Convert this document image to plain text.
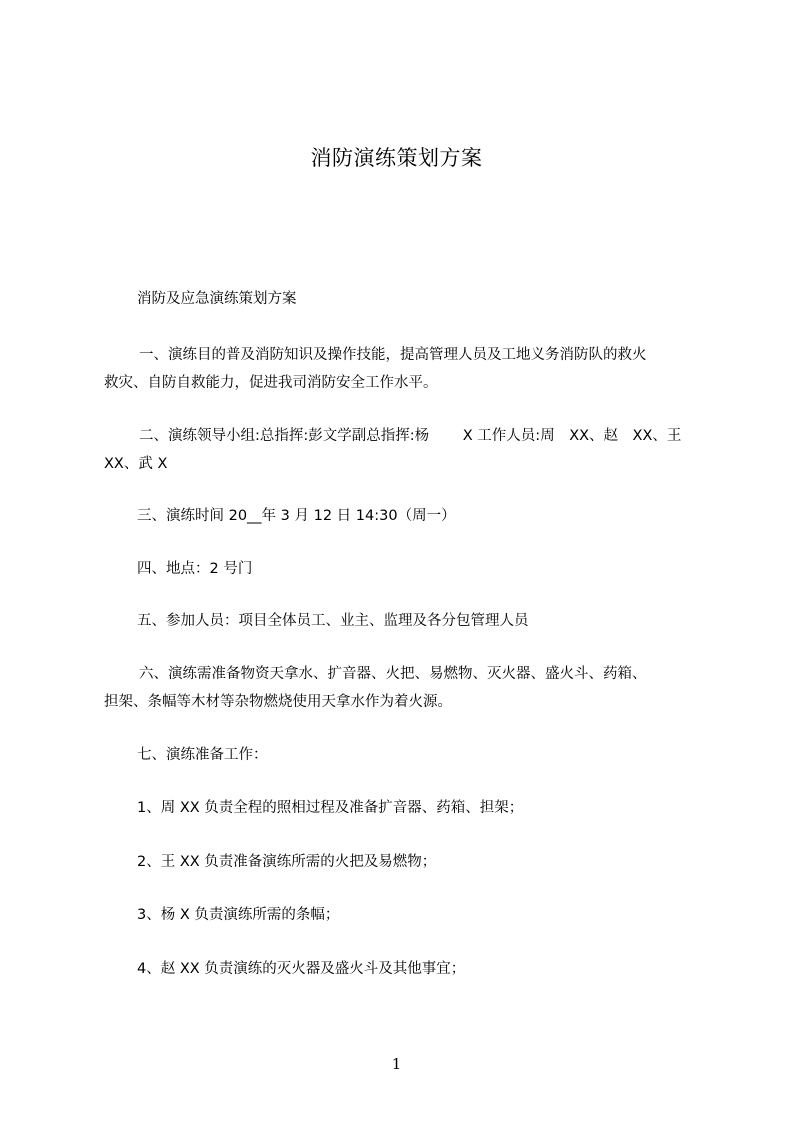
消防演练策划方案
消防及应急演练策划方案
一、演练目的普及消防知识及操作技能，提高管理人员及工地义务消防队的救火
救灾、自防自救能力，促进我司消防安全工作水平。
二、演练领导小组:总指挥:彭文学副总指挥:杨　　 X 工作人员:周　XX、赵　XX、王
XX、武 X
三、演练时间 20__年 3 月 12 日 14:30（周一）
四、地点：2 号门
五、参加人员：项目全体员工、业主、监理及各分包管理人员
六、演练需准备物资天拿水、扩音器、火把、易燃物、灭火器、盛火斗、药箱、
担架、条幅等木材等杂物燃烧使用天拿水作为着火源。
七、演练准备工作：
1、周 XX 负责全程的照相过程及准备扩音器、药箱、担架；
2、王 XX 负责准备演练所需的火把及易燃物；
3、杨 X 负责演练所需的条幅；
4、赵 XX 负责演练的灭火器及盛火斗及其他事宜；
1
